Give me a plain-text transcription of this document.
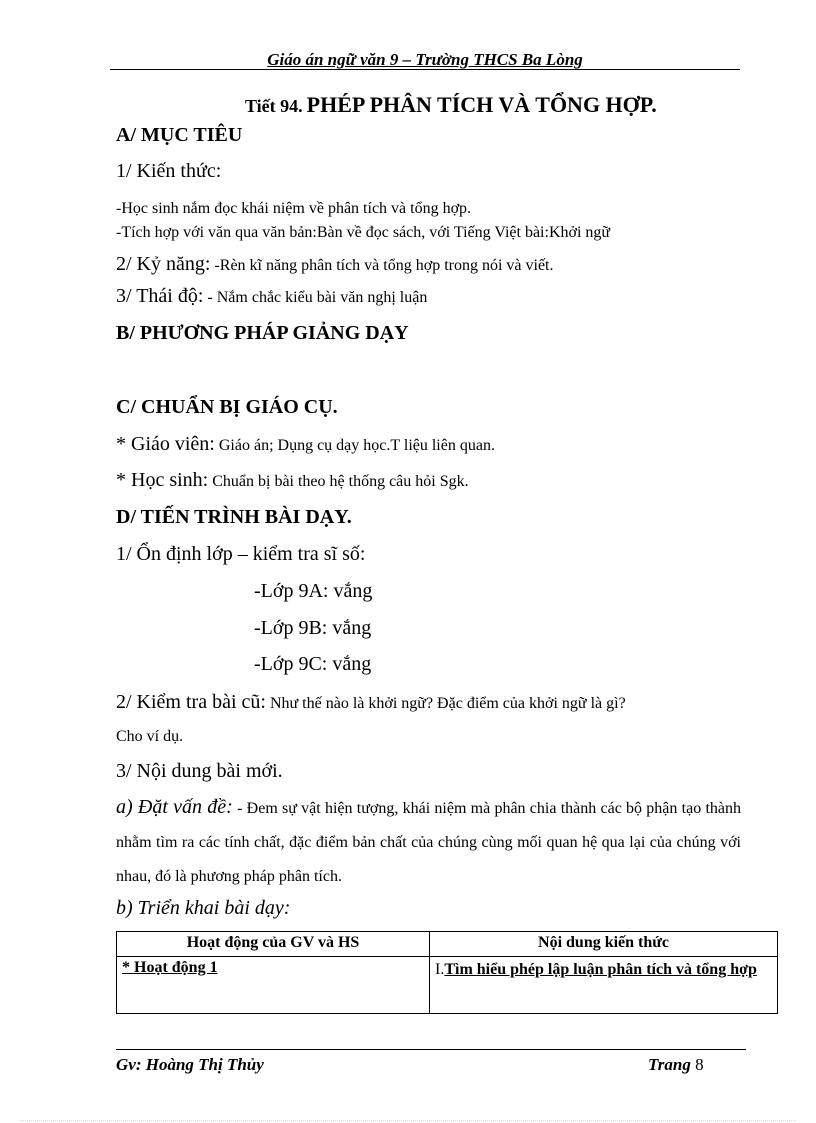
Giáo án ngữ văn 9 – Trường THCS Ba Lòng
Tiết 94. PHÉP PHÂN TÍCH VÀ TỔNG HỢP.
A/ MỤC TIÊU
1/ Kiến thức:
-Học sinh nắm đọc khái niệm về phân tích và tổng hợp.
-Tích hợp với văn qua văn bản:Bàn về đọc sách, với Tiếng Việt bài:Khởi ngữ
2/ Kỷ năng: -Rèn kĩ năng phân tích và tổng hợp trong nói và viết.
3/ Thái độ: - Nắm chắc kiểu bài văn nghị luận
B/ PHƯƠNG PHÁP GIẢNG DẠY
C/ CHUẨN BỊ GIÁO CỤ.
* Giáo viên: Giáo án; Dụng cụ dạy học.T liệu liên quan.
* Học sinh: Chuẩn bị bài theo hệ thống câu hỏi Sgk.
D/ TIẾN TRÌNH BÀI DẠY.
1/ Ổn định lớp – kiểm tra sĩ số:
-Lớp 9A: vắng
-Lớp 9B: vắng
-Lớp 9C: vắng
2/ Kiểm tra bài cũ: Như thế nào là khởi ngữ? Đặc điểm của khởi ngữ là gì?
Cho ví dụ.
3/ Nội dung bài mới.
a) Đặt vấn đề: - Đem sự vật hiện tượng, khái niệm mà phân chia thành các bộ phận tạo thành nhằm tìm ra các tính chất, đặc điểm bản chất của chúng cùng mối quan hệ qua lại của chúng với nhau, đó là phương pháp phân tích.
b) Triển khai bài dạy:
Hoạt động của GV và HS	Nội dung kiến thức
* Hoạt động 1	I.Tìm hiểu phép lập luận phân tích và tổng hợp
Gv: Hoàng Thị Thủy	Trang 8
